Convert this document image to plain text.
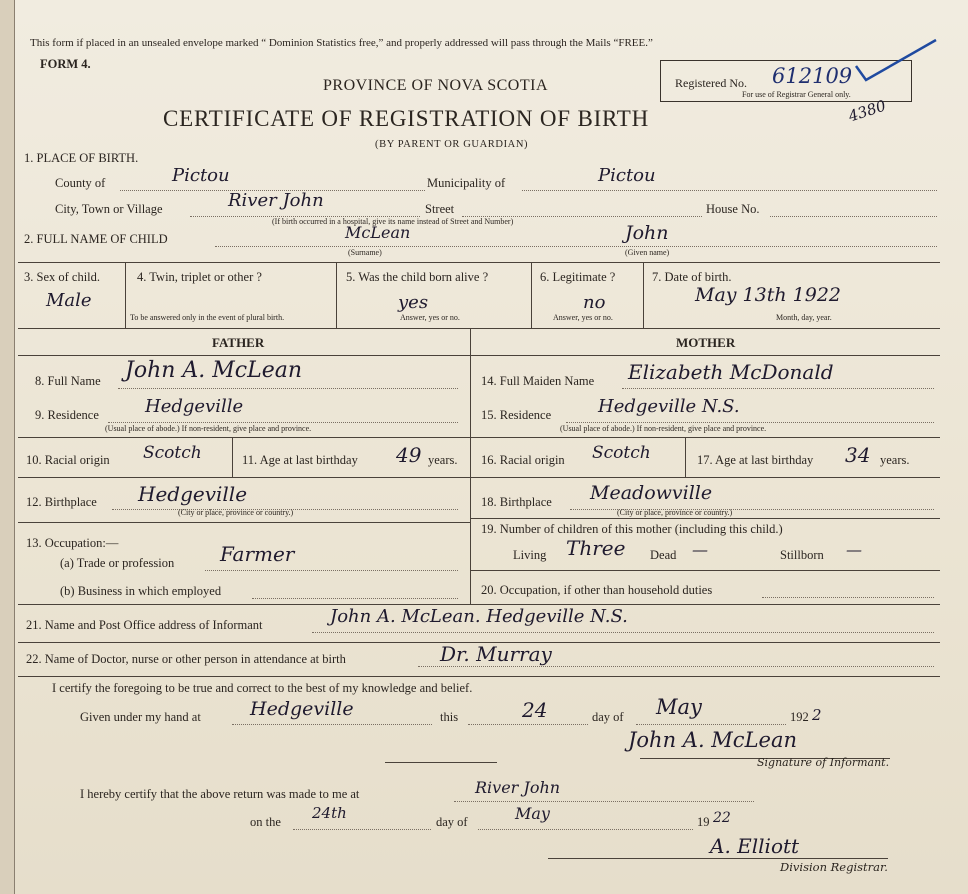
This form if placed in an unsealed envelope marked “ Dominion Statistics free,” and properly addressed will pass through the Mails “FREE.”
FORM 4.
PROVINCE OF NOVA SCOTIA
CERTIFICATE OF REGISTRATION OF BIRTH
(BY PARENT OR GUARDIAN)
Registered No. 612109
For use of Registrar General only.
4380
1. PLACE OF BIRTH.
County of	Pictou	Municipality of	Pictou
City, Town or Village	River John	Street	House No.
(If birth occurred in a hospital, give its name instead of Street and Number)
2. FULL NAME OF CHILD	McLean
(Surname)
John
(Given name)
3. Sex of child.
Male
4. Twin, triplet or other ?
To be answered only in the event of plural birth.
5. Was the child born alive ?
yes
Answer, yes or no.
6. Legitimate ?
no
Answer, yes or no.
7. Date of birth.
May 13th 1922
Month, day, year.
FATHER	MOTHER
8. Full Name John A. McLean
9. Residence	Hedgeville
(Usual place of abode.) If non-resident, give place and province.
10. Racial origin Scotch	11. Age at last birthday 49 years.
12. Birthplace Hedgeville
(City or place, province or country.)
13. Occupation:—
(a) Trade or profession Farmer
(b) Business in which employed
14. Full Maiden Name Elizabeth McDonald
15. Residence	Hedgeville N.S.
(Usual place of abode.) If non-resident, give place and province.
16. Racial origin Scotch	17. Age at last birthday 34 years.
18. Birthplace Meadowville
(City or place, province or country.)
19. Number of children of this mother (including this child.)
Living Three Dead —	Stillborn —
20. Occupation, if other than household duties
21. Name and Post Office address of Informant	John A. McLean. Hedgeville N.S.
22. Name of Doctor, nurse or other person in attendance at birth	Dr. Murray
I certify the foregoing to be true and correct to the best of my knowledge and belief.
Given under my hand at	Hedgeville	this	24	day of May	192 2
John A. McLean
Signature of Informant.
I hereby certify that the above return was made to me at	River John
on the 24th	day of	May	19 22
A. Elliott
Division Registrar.
